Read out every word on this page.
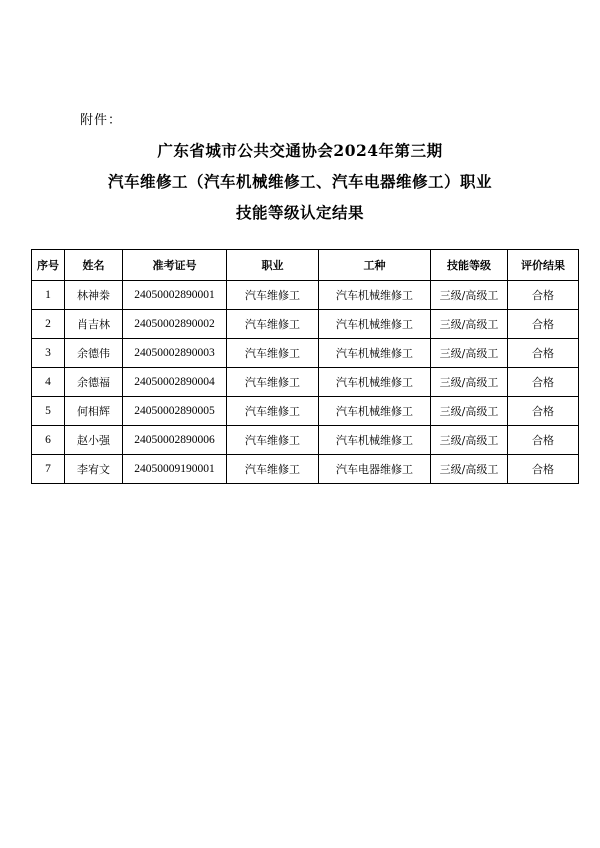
附件：
广东省城市公共交通协会2024年第三期
汽车维修工（汽车机械维修工、汽车电器维修工）职业
技能等级认定结果
序号	姓名	准考证号	职业	工种	技能等级	评价结果
1	林神桊	24050002890001	汽车维修工	汽车机械维修工	三级/高级工	合格
2	肖吉林	24050002890002	汽车维修工	汽车机械维修工	三级/高级工	合格
3	余德伟	24050002890003	汽车维修工	汽车机械维修工	三级/高级工	合格
4	余德福	24050002890004	汽车维修工	汽车机械维修工	三级/高级工	合格
5	何相辉	24050002890005	汽车维修工	汽车机械维修工	三级/高级工	合格
6	赵小强	24050002890006	汽车维修工	汽车机械维修工	三级/高级工	合格
7	李宥文	24050009190001	汽车维修工	汽车电器维修工	三级/高级工	合格
